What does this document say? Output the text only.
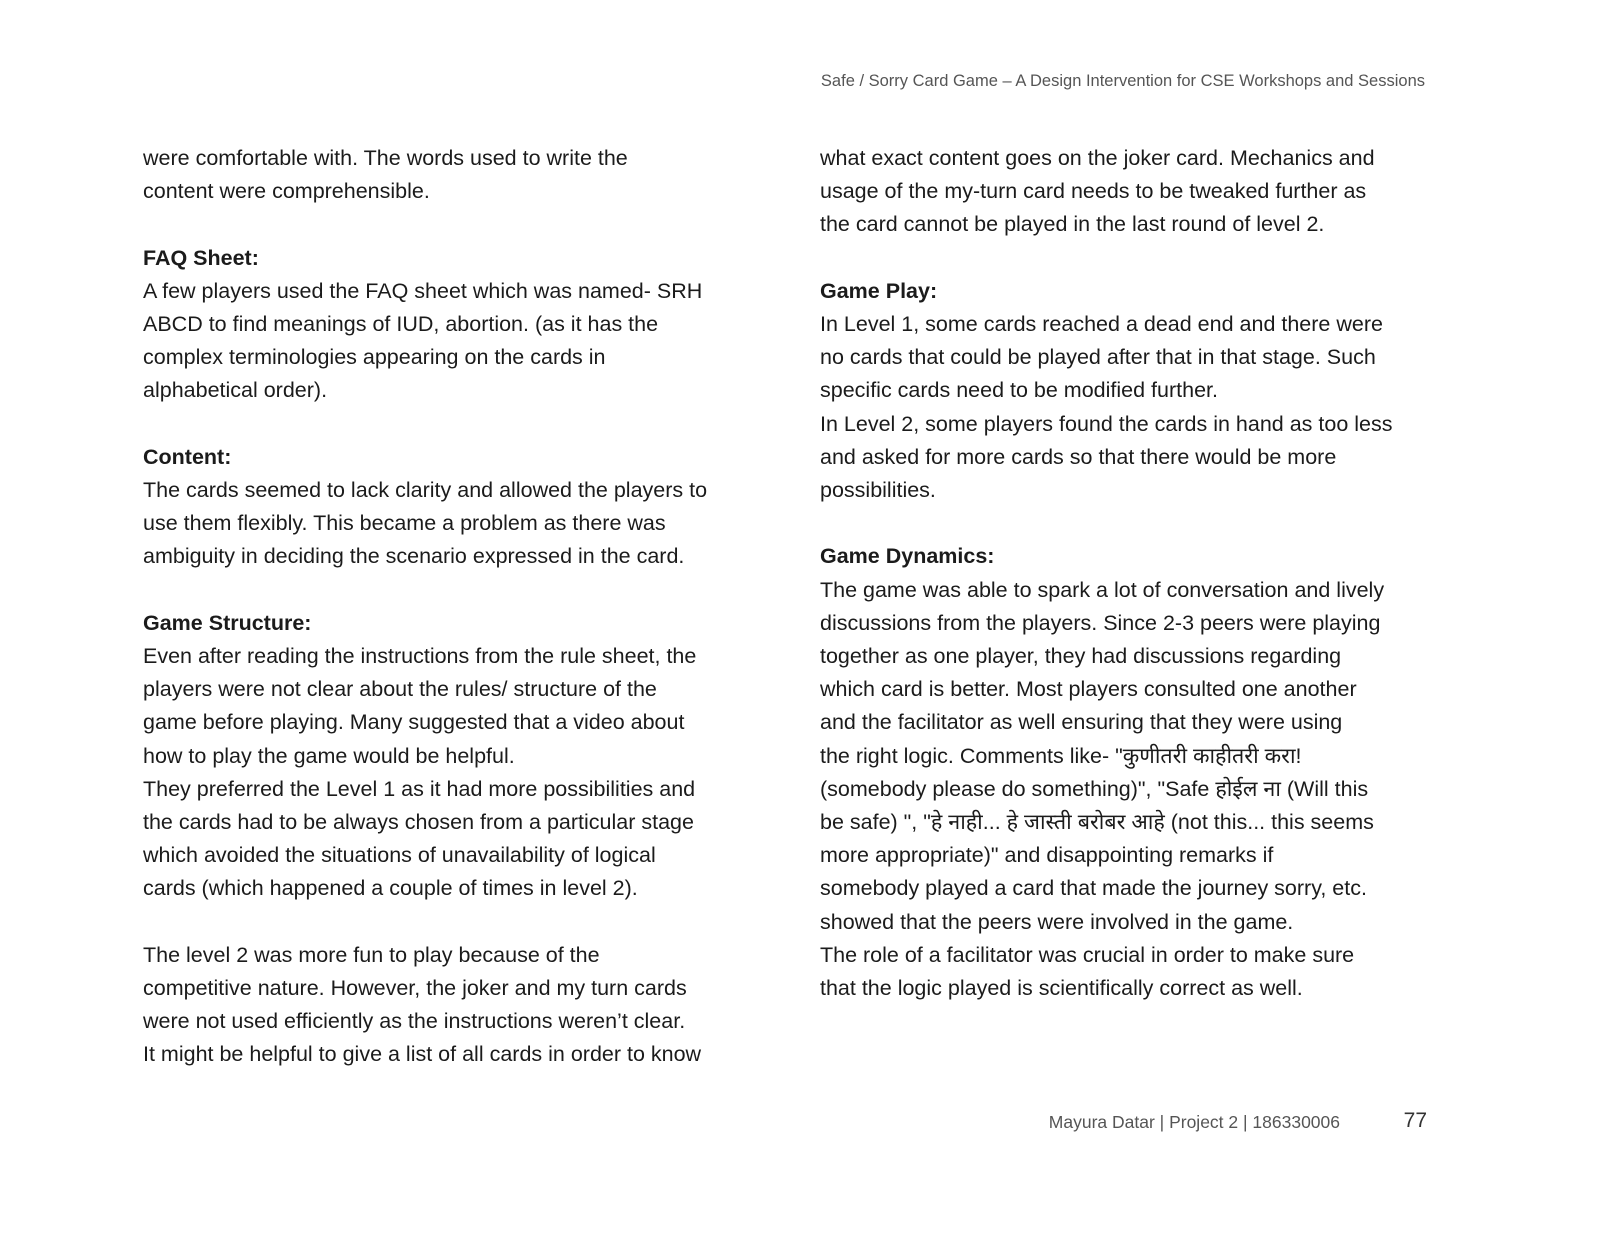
Safe / Sorry Card Game – A Design Intervention for CSE Workshops and Sessions

were comfortable with. The words used to write the

content were comprehensible.

FAQ Sheet:

A few players used the FAQ sheet which was named- SRH

ABCD to find meanings of IUD, abortion. (as it has the

complex terminologies appearing on the cards in

alphabetical order).

Content:

The cards seemed to lack clarity and allowed the players to

use them flexibly. This became a problem as there was

ambiguity in deciding the scenario expressed in the card.

Game Structure:

Even after reading the instructions from the rule sheet, the

players were not clear about the rules/ structure of the

game before playing. Many suggested that a video about

how to play the game would be helpful.

They preferred the Level 1 as it had more possibilities and

the cards had to be always chosen from a particular stage

which avoided the situations of unavailability of logical

cards (which happened a couple of times in level 2).

The level 2 was more fun to play because of the

competitive nature. However, the joker and my turn cards

were not used efficiently as the instructions weren’t clear.

It might be helpful to give a list of all cards in order to know

what exact content goes on the joker card. Mechanics and

usage of the my-turn card needs to be tweaked further as

the card cannot be played in the last round of level 2.

Game Play:

In Level 1, some cards reached a dead end and there were

no cards that could be played after that in that stage. Such

specific cards need to be modified further.

In Level 2, some players found the cards in hand as too less

and asked for more cards so that there would be more

possibilities.

Game Dynamics:

The game was able to spark a lot of conversation and lively

discussions from the players. Since 2-3 peers were playing

together as one player, they had discussions regarding

which card is better. Most players consulted one another

and the facilitator as well ensuring that they were using

the right logic. Comments like- "कुणीतरी काहीतरी करा!

(somebody please do something)", "Safe होईल ना (Will this

be safe) ", "हे नाही... हे जास्ती बरोबर आहे (not this... this seems

more appropriate)" and disappointing remarks if

somebody played a card that made the journey sorry, etc.

showed that the peers were involved in the game.

The role of a facilitator was crucial in order to make sure

that the logic played is scientifically correct as well.

Mayura Datar | Project 2 | 186330006	77
